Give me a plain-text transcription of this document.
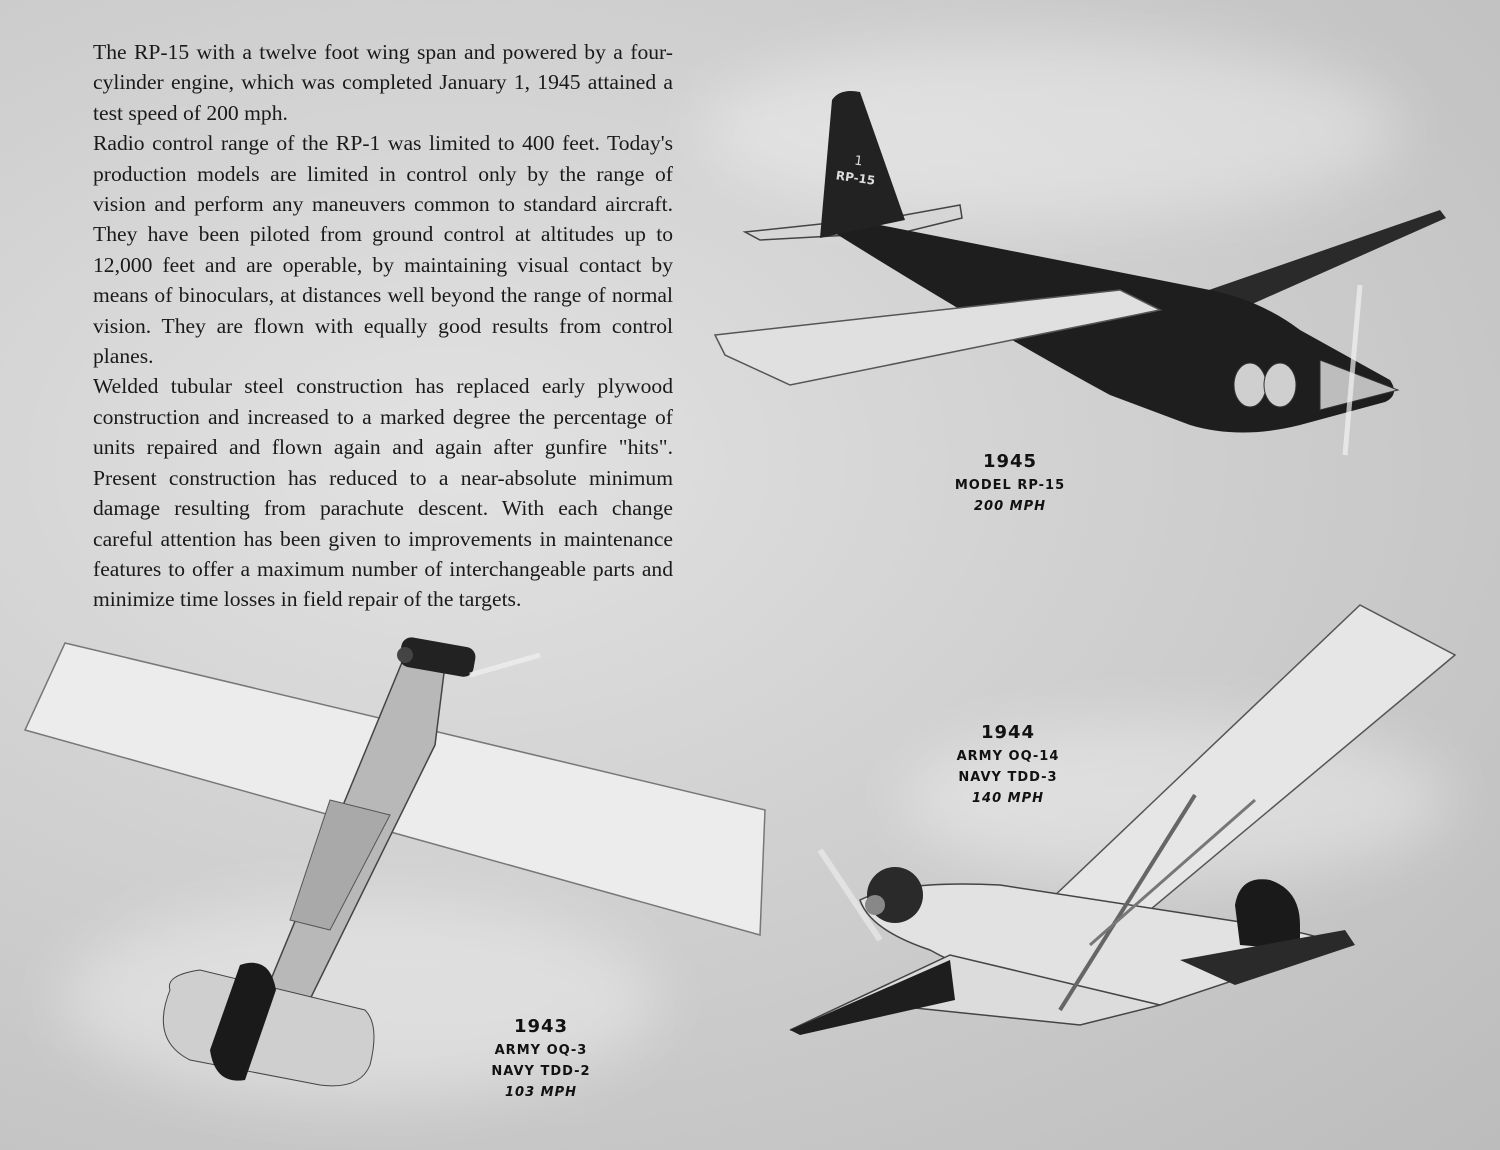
The RP-15 with a twelve foot wing span and powered by a four-cylinder engine, which was completed January 1, 1945 attained a test speed of 200 mph.

Radio control range of the RP-1 was limited to 400 feet. Today's production models are limited in control only by the range of vision and perform any maneuvers common to standard aircraft. They have been piloted from ground control at altitudes up to 12,000 feet and are operable, by maintaining visual contact by means of binoculars, at distances well beyond the range of normal vision. They are flown with equally good results from control planes.

Welded tubular steel construction has replaced early plywood construction and increased to a marked degree the percentage of units repaired and flown again and again after gunfire "hits". Present construction has reduced to a near-absolute minimum damage resulting from parachute descent. With each change careful attention has been given to improvements in maintenance features to offer a maximum number of interchangeable parts and minimize time losses in field repair of the targets.

1
RP-15
1945
MODEL RP-15
200 MPH
1944
ARMY OQ-14
NAVY TDD-3
140 MPH
1943
ARMY OQ-3
NAVY TDD-2
103 MPH
